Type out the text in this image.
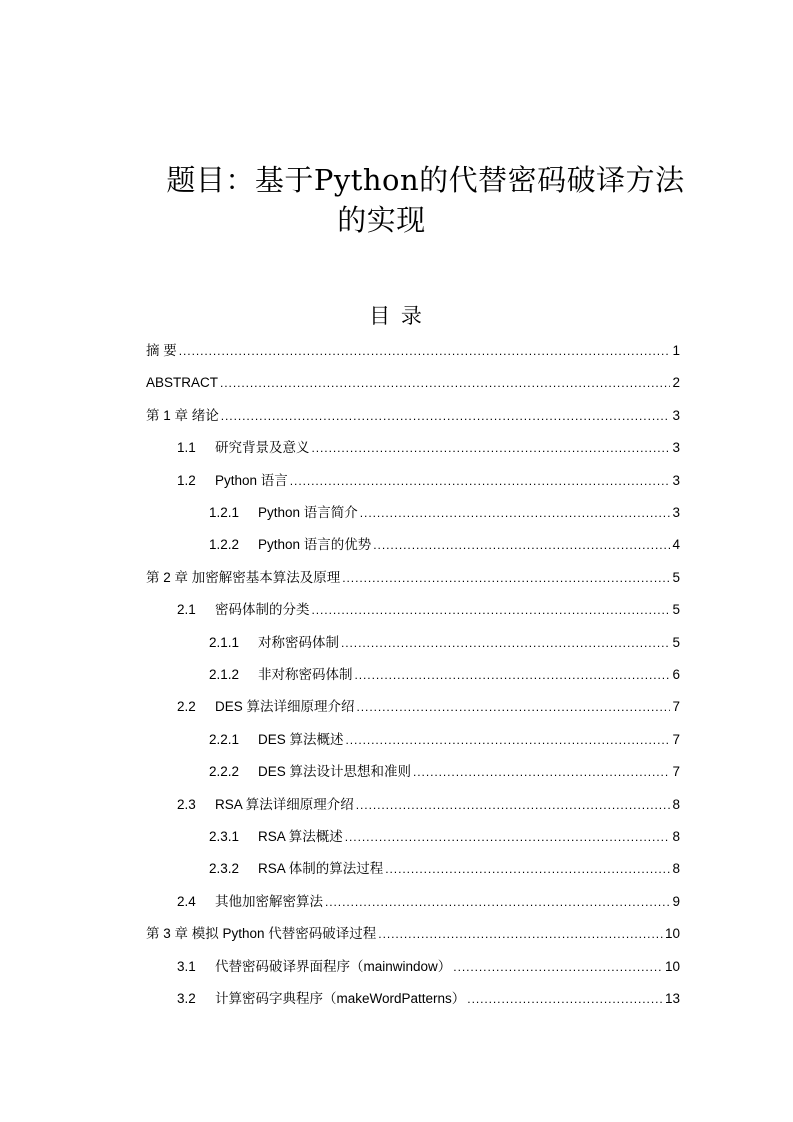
题目：基于Python的代替密码破译方法
的实现
目 录
摘 要 . . .	1
ABSTRACT . . .	2
第 1 章 绪论 . . .	3
1.1	研究背景及意义 . . .	3
1.2	Python 语言 . . .	3
1.2.1	Python 语言简介 . . .	3
1.2.2	Python 语言的优势 . . .	4
第 2 章 加密解密基本算法及原理 . . .	5
2.1	密码体制的分类 . . .	5
2.1.1	对称密码体制 . . .	5
2.1.2	非对称密码体制 . . .	6
2.2	DES 算法详细原理介绍 . . .	7
2.2.1	DES 算法概述 . . .	7
2.2.2	DES 算法设计思想和准则 . . .	7
2.3	RSA 算法详细原理介绍 . . .	8
2.3.1	RSA 算法概述 . . .	8
2.3.2	RSA 体制的算法过程 . . .	8
2.4	其他加密解密算法 . . .	9
第 3 章 模拟 Python 代替密码破译过程 . . .	10
3.1	代替密码破译界面程序（mainwindow） . . .	10
3.2	计算密码字典程序（makeWordPatterns） . . .	13
